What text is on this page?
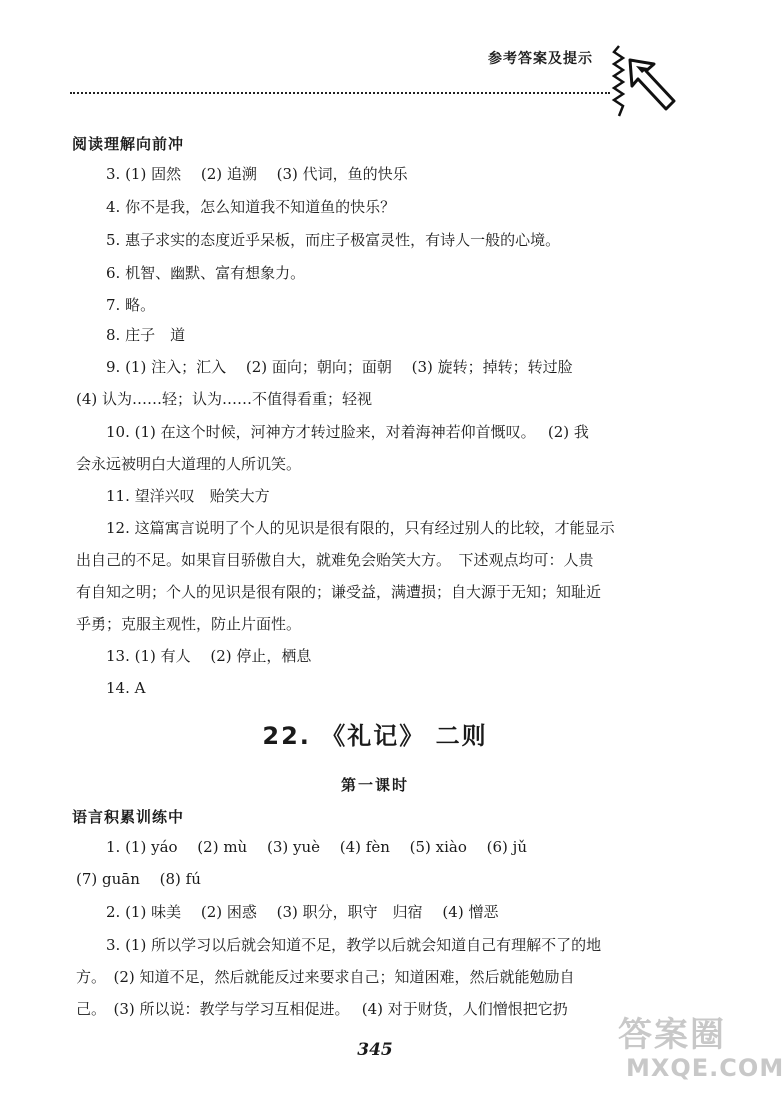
参考答案及提示
阅读理解向前冲
3. (1) 固然　 (2) 追溯　 (3) 代词，鱼的快乐
4. 你不是我，怎么知道我不知道鱼的快乐？
5. 惠子求实的态度近乎呆板，而庄子极富灵性，有诗人一般的心境。
6. 机智、幽默、富有想象力。
7. 略。
8. 庄子　道
9. (1) 注入；汇入　 (2) 面向；朝向；面朝　 (3) 旋转；掉转；转过脸
(4) 认为……轻；认为……不值得看重；轻视
10. (1) 在这个时候，河神方才转过脸来，对着海神若仰首慨叹。　 (2) 我
会永远被明白大道理的人所讥笑。
11. 望洋兴叹　贻笑大方
12. 这篇寓言说明了个人的见识是很有限的，只有经过别人的比较，才能显示
出自己的不足。如果盲目骄傲自大，就难免会贻笑大方。　下述观点均可：人贵
有自知之明；个人的见识是很有限的；谦受益，满遭损；自大源于无知；知耻近
乎勇；克服主观性，防止片面性。
13. (1) 有人　 (2) 停止，栖息
14. A
22. 《礼记》 二则
第一课时
语言积累训练中
1. (1) yáo　 (2) mù　 (3) yuè　 (4) fèn　 (5) xiào　 (6) jǔ
(7) guān　 (8) fú
2. (1) 味美　 (2) 困惑　 (3) 职分，职守　归宿　 (4) 憎恶
3. (1) 所以学习以后就会知道不足，教学以后就会知道自己有理解不了的地
方。　(2) 知道不足，然后就能反过来要求自己；知道困难，然后就能勉励自
己。　(3) 所以说：教学与学习互相促进。　 (4) 对于财货，人们憎恨把它扔
345	答案圈
MXQE.COM
